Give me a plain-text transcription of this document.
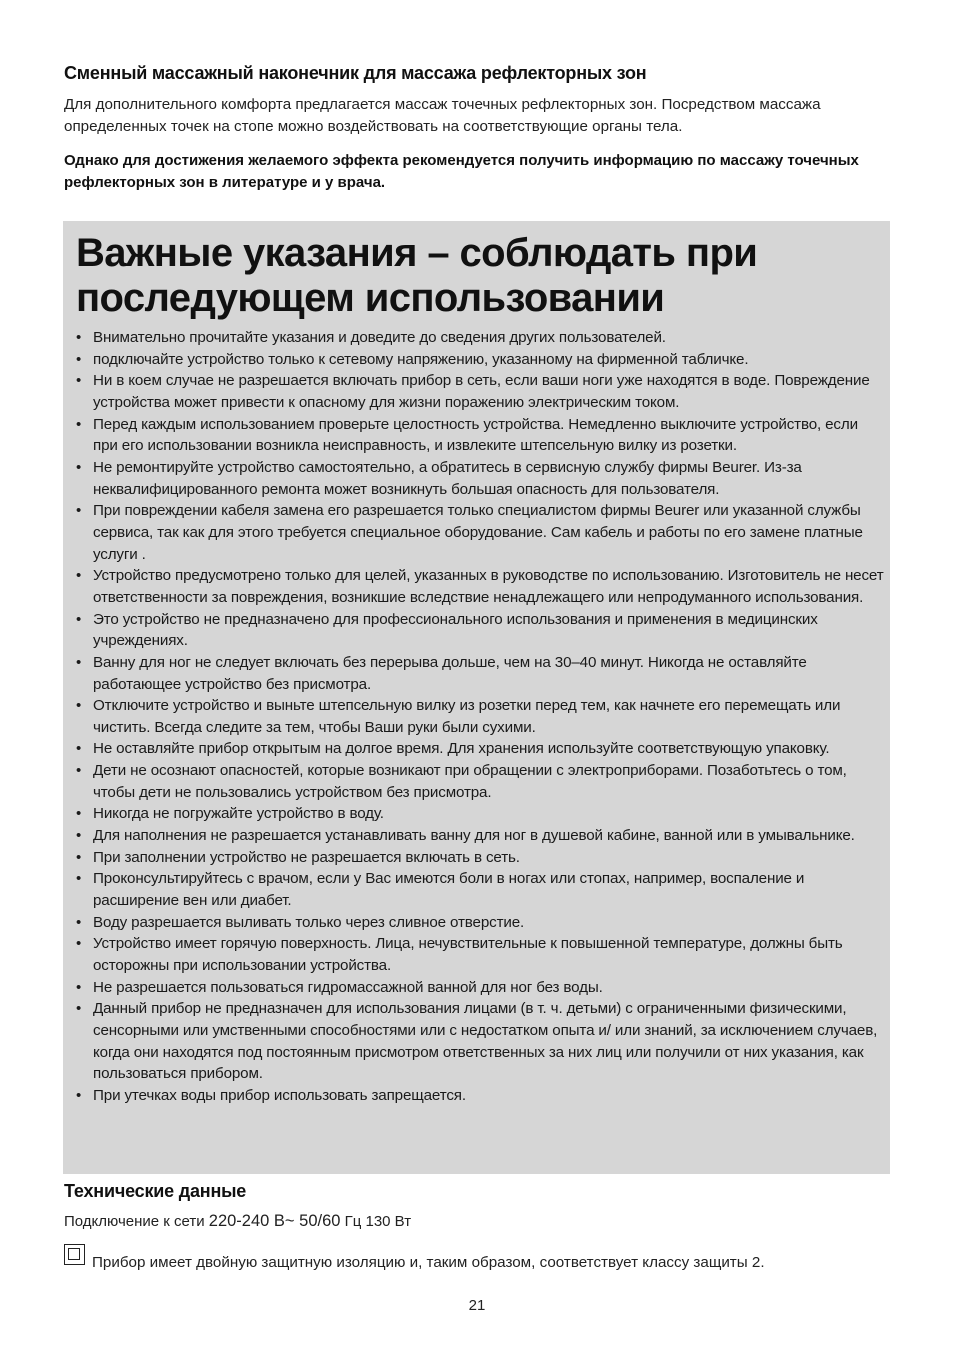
Сменный массажный наконечник для массажа рефлекторных зон

Для дополнительного комфорта предлагается массаж точечных рефлекторных зон. Посредством массажа определенных точек на стопе можно воздействовать на соответствующие органы тела.

Однако для достижения желаемого эффекта рекомендуется получить информацию по массажу точечных рефлекторных зон в литературе и у врача.

Важные указания – соблюдать при последующем использовании
• Внимательно прочитайте указания и доведите до сведения других пользователей.
• подключайте устройство только к сетевому напряжению, указанному на фирменной табличке.
• Ни в коем случае не разрешается включать прибор в сеть, если ваши ноги уже находятся в воде. Повреждение устройства может привести к опасному для жизни поражению электрическим током.
• Перед каждым использованием проверьте целостность устройства. Немедленно выключите устройство, если при его использовании возникла неисправность, и извлеките штепсельную вилку из розетки.
• Не ремонтируйте устройство самостоятельно, а обратитесь в сервисную службу фирмы Beurer. Из-за неквалифицированного ремонта может возникнуть большая опасность для пользователя.
• При повреждении кабеля замена его разрешается только специалистом фирмы Beurer или указанной службы сервиса, так как для этого требуется специальное оборудование. Сам кабель и работы по его замене платные услуги .
• Устройство предусмотрено только для целей, указанных в руководстве по использованию. Изготовитель не несет ответственности за повреждения, возникшие вследствие ненадлежащего или непродуманного использования.
• Это устройство не предназначено для профессионального использования и применения в медицинских учреждениях.
• Ванну для ног не следует включать без перерыва дольше, чем на 30–40 минут. Никогда не оставляйте работающее устройство без присмотра.
• Отключите устройство и выньте штепсельную вилку из розетки перед тем, как начнете его перемещать или чистить. Всегда следите за тем, чтобы Ваши руки были сухими.
• Не оставляйте прибор открытым на долгое время. Для хранения используйте соответствующую упаковку.
• Дети не осознают опасностей, которые возникают при обращении с электроприборами. Позаботьтесь о том, чтобы дети не пользовались устройством без присмотра.
• Никогда не погружайте устройство в воду.
• Для наполнения не разрешается устанавливать ванну для ног в душевой кабине, ванной или в умывальнике.
• При заполнении устройство не разрешается включать в сеть.
• Проконсультируйтесь с врачом, если у Вас имеются боли в ногах или стопах, например, воспаление и расширение вен или диабет.
• Воду разрешается выливать только через сливное отверстие.
• Устройство имеет горячую поверхность. Лица, нечувствительные к повышенной температуре, должны быть осторожны при использовании устройства.
• Не разрешается пользоваться гидромассажной ванной для ног без воды.
• Данный прибор не предназначен для использования лицами (в т. ч. детьми) с ограниченными физическими, сенсорными или умственными способностями или с недостатком опыта и/ или знаний, за исключением случаев, когда они находятся под постоянным присмотром ответственных за них лиц или получили от них указания, как пользоваться прибором.
• При утечках воды прибор использовать запрещается.
Технические данные

Подключение к сети 220-240 В~ 50/60 Гц 130 Вт

Прибор имеет двойную защитную изоляцию и, таким образом, соответствует классу защиты 2.
21
